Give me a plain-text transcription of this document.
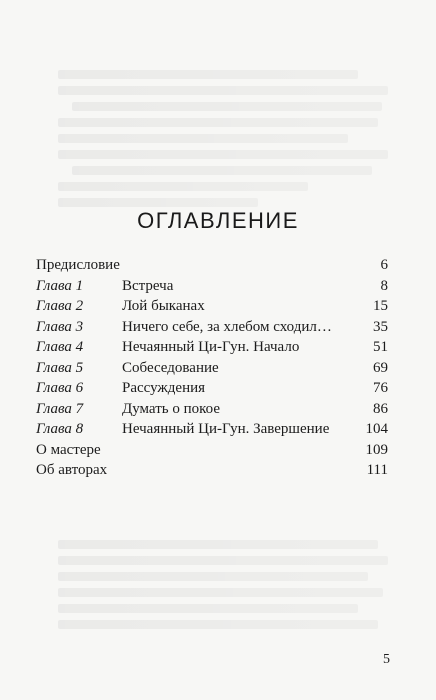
ОГЛАВЛЕНИЕ
Предисловие	6
Глава 1	Встреча	8
Глава 2	Лой быканах	15
Глава 3	Ничего себе, за хлебом сходил…	35
Глава 4	Нечаянный Ци-Гун. Начало	51
Глава 5	Собеседование	69
Глава 6	Рассуждения	76
Глава 7	Думать о покое	86
Глава 8	Нечаянный Ци-Гун. Завершение 104
О мастере	109
Об авторах	111
5
